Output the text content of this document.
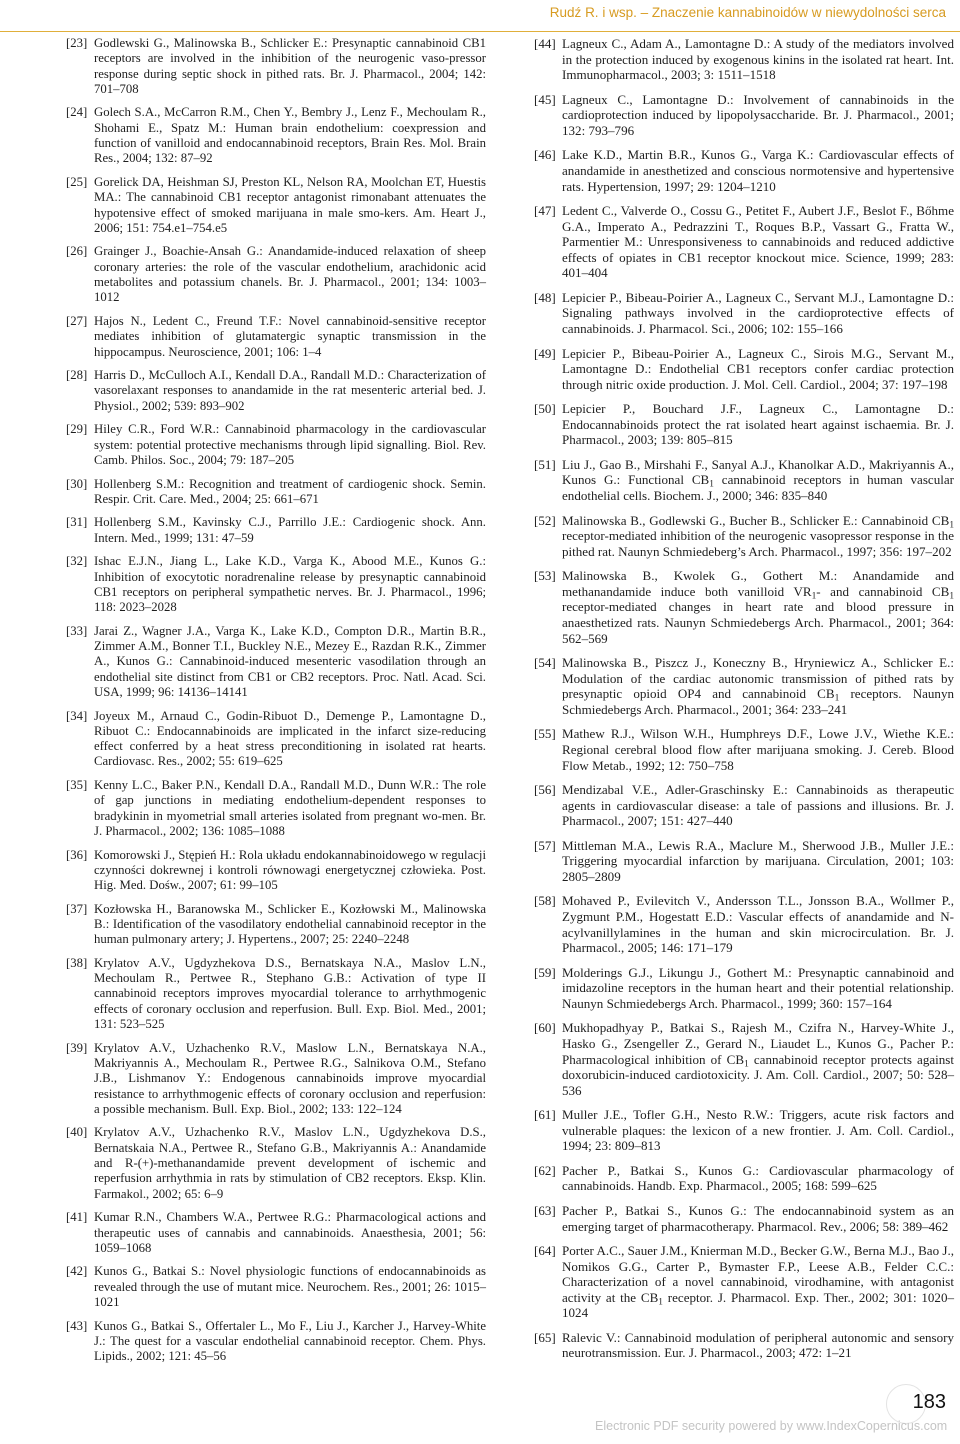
Rudź R. i wsp. – Znaczenie kannabinoidów w niewydolności serca

[23] Godlewski G., Malinowska B., Schlicker E.: Presynaptic cannabinoid CB1 receptors are involved in the inhibition of the neurogenic vaso-pressor response during septic shock in pithed rats. Br. J. Pharmacol., 2004; 142: 701–708

[24] Golech S.A., McCarron R.M., Chen Y., Bembry J., Lenz F., Mechoulam R., Shohami E., Spatz M.: Human brain endothelium: coexpression and function of vanilloid and endocannabinoid receptors, Brain Res. Mol. Brain Res., 2004; 132: 87–92

[25] Gorelick DA, Heishman SJ, Preston KL, Nelson RA, Moolchan ET, Huestis MA.: The cannabinoid CB1 receptor antagonist rimonabant attenuates the hypotensive effect of smoked marijuana in male smo-kers. Am. Heart J., 2006; 151: 754.e1–754.e5

[26] Grainger J., Boachie-Ansah G.: Anandamide-induced relaxation of sheep coronary arteries: the role of the vascular endothelium, arachidonic acid metabolites and potassium chanels. Br. J. Pharmacol., 2001; 134: 1003–1012

[27] Hajos N., Ledent C., Freund T.F.: Novel cannabinoid-sensitive receptor mediates inhibition of glutamatergic synaptic transmission in the hippocampus. Neuroscience, 2001; 106: 1–4

[28] Harris D., McCulloch A.I., Kendall D.A., Randall M.D.: Characterization of vasorelaxant responses to anandamide in the rat mesenteric arterial bed. J. Physiol., 2002; 539: 893–902

[29] Hiley C.R., Ford W.R.: Cannabinoid pharmacology in the cardiovascular system: potential protective mechanisms through lipid signalling. Biol. Rev. Camb. Philos. Soc., 2004; 79: 187–205

[30] Hollenberg S.M.: Recognition and treatment of cardiogenic shock. Semin. Respir. Crit. Care. Med., 2004; 25: 661–671

[31] Hollenberg S.M., Kavinsky C.J., Parrillo J.E.: Cardiogenic shock. Ann. Intern. Med., 1999; 131: 47–59

[32] Ishac E.J.N., Jiang L., Lake K.D., Varga K., Abood M.E., Kunos G.: Inhibition of exocytotic noradrenaline release by presynaptic cannabinoid CB1 receptors on peripheral sympathetic nerves. Br. J. Pharmacol., 1996; 118: 2023–2028

[33] Jarai Z., Wagner J.A., Varga K., Lake K.D., Compton D.R., Martin B.R., Zimmer A.M., Bonner T.I., Buckley N.E., Mezey E., Razdan R.K., Zimmer A., Kunos G.: Cannabinoid-induced mesenteric vasodilation through an endothelial site distinct from CB1 or CB2 receptors. Proc. Natl. Acad. Sci. USA, 1999; 96: 14136–14141

[34] Joyeux M., Arnaud C., Godin-Ribuot D., Demenge P., Lamontagne D., Ribuot C.: Endocannabinoids are implicated in the infarct size-reducing effect conferred by a heat stress preconditioning in isolated rat hearts. Cardiovasc. Res., 2002; 55: 619–625

[35] Kenny L.C., Baker P.N., Kendall D.A., Randall M.D., Dunn W.R.: The role of gap junctions in mediating endothelium-dependent responses to bradykinin in myometrial small arteries isolated from pregnant wo-men. Br. J. Pharmacol., 2002; 136: 1085–1088

[36] Komorowski J., Stępień H.: Rola układu endokannabinoidowego w regulacji czynności dokrewnej i kontroli równowagi energetycznej człowieka. Post. Hig. Med. Dośw., 2007; 61: 99–105

[37] Kozłowska H., Baranowska M., Schlicker E., Kozłowski M., Malinowska B.: Identification of the vasodilatory endothelial cannabinoid receptor in the human pulmonary artery; J. Hypertens., 2007; 25: 2240–2248

[38] Krylatov A.V., Ugdyzhekova D.S., Bernatskaya N.A., Maslov L.N., Mechoulam R., Pertwee R., Stephano G.B.: Activation of type II cannabinoid receptors improves myocardial tolerance to arrhythmogenic effects of coronary occlusion and reperfusion. Bull. Exp. Biol. Med., 2001; 131: 523–525

[39] Krylatov A.V., Uzhachenko R.V., Maslow L.N., Bernatskaya N.A., Makriyannis A., Mechoulam R., Pertwee R.G., Salnikova O.M., Stefano J.B., Lishmanov Y.: Endogenous cannabinoids improve myocardial resistance to arrhythmogenic effects of coronary occlusion and reperfusion: a possible mechanism. Bull. Exp. Biol., 2002; 133: 122–124

[40] Krylatov A.V., Uzhachenko R.V., Maslov L.N., Ugdyzhekova D.S., Bernatskaia N.A., Pertwee R., Stefano G.B., Makriyannis A.: Anandamide and R-(+)-methanandamide prevent development of ischemic and reperfusion arrhythmia in rats by stimulation of CB2 receptors. Eksp. Klin. Farmakol., 2002; 65: 6–9

[41] Kumar R.N., Chambers W.A., Pertwee R.G.: Pharmacological actions and therapeutic uses of cannabis and cannabinoids. Anaesthesia, 2001; 56: 1059–1068

[42] Kunos G., Batkai S.: Novel physiologic functions of endocannabinoids as revealed through the use of mutant mice. Neurochem. Res., 2001; 26: 1015–1021

[43] Kunos G., Batkai S., Offertaler L., Mo F., Liu J., Karcher J., Harvey-White J.: The quest for a vascular endothelial cannabinoid receptor. Chem. Phys. Lipids., 2002; 121: 45–56

[44] Lagneux C., Adam A., Lamontagne D.: A study of the mediators involved in the protection induced by exogenous kinins in the isolated rat heart. Int. Immunopharmacol., 2003; 3: 1511–1518

[45] Lagneux C., Lamontagne D.: Involvement of cannabinoids in the cardioprotection induced by lipopolysaccharide. Br. J. Pharmacol., 2001; 132: 793–796

[46] Lake K.D., Martin B.R., Kunos G., Varga K.: Cardiovascular effects of anandamide in anesthetized and conscious normotensive and hypertensive rats. Hypertension, 1997; 29: 1204–1210

[47] Ledent C., Valverde O., Cossu G., Petitet F., Aubert J.F., Beslot F., Bőhme G.A., Imperato A., Pedrazzini T., Roques B.P., Vassart G., Fratta W., Parmentier M.: Unresponsiveness to cannabinoids and reduced addictive effects of opiates in CB1 receptor knockout mice. Science, 1999; 283: 401–404

[48] Lepicier P., Bibeau-Poirier A., Lagneux C., Servant M.J., Lamontagne D.: Signaling pathways involved in the cardioprotective effects of cannabinoids. J. Pharmacol. Sci., 2006; 102: 155–166

[49] Lepicier P., Bibeau-Poirier A., Lagneux C., Sirois M.G., Servant M., Lamontagne D.: Endothelial CB1 receptors confer cardiac protection through nitric oxide production. J. Mol. Cell. Cardiol., 2004; 37: 197–198

[50] Lepicier P., Bouchard J.F., Lagneux C., Lamontagne D.: Endocannabinoids protect the rat isolated heart against ischaemia. Br. J. Pharmacol., 2003; 139: 805–815

[51] Liu J., Gao B., Mirshahi F., Sanyal A.J., Khanolkar A.D., Makriyannis A., Kunos G.: Functional $CB_1$ cannabinoid receptors in human vascular endothelial cells. Biochem. J., 2000; 346: 835–840

[52] Malinowska B., Godlewski G., Bucher B., Schlicker E.: Cannabinoid $CB_1$ receptor-mediated inhibition of the neurogenic vasopressor response in the pithed rat. Naunyn Schmiedeberg’s Arch. Pharmacol., 1997; 356: 197–202

[53] Malinowska B., Kwolek G., Gothert M.: Anandamide and methanandamide induce both vanilloid $VR_1-$ and cannabinoid $CB_1$ receptor-mediated changes in heart rate and blood pressure in anaesthetized rats. Naunyn Schmiedebergs Arch. Pharmacol., 2001; 364: 562–569

[54] Malinowska B., Piszcz J., Koneczny B., Hryniewicz A., Schlicker E.: Modulation of the cardiac autonomic transmission of pithed rats by presynaptic opioid OP4 and cannabinoid $CB_1$ receptors. Naunyn Schmiedebergs Arch. Pharmacol., 2001; 364: 233–241

[55] Mathew R.J., Wilson W.H., Humphreys D.F., Lowe J.V., Wiethe K.E.: Regional cerebral blood flow after marijuana smoking. J. Cereb. Blood Flow Metab., 1992; 12: 750–758

[56] Mendizabal V.E., Adler-Graschinsky E.: Cannabinoids as therapeutic agents in cardiovascular disease: a tale of passions and illusions. Br. J. Pharmacol., 2007; 151: 427–440

[57] Mittleman M.A., Lewis R.A., Maclure M., Sherwood J.B., Muller J.E.: Triggering myocardial infarction by marijuana. Circulation, 2001; 103: 2805–2809

[58] Mohaved P., Evilevitch V., Andersson T.L., Jonsson B.A., Wollmer P., Zygmunt P.M., Hogestatt E.D.: Vascular effects of anandamide and N-acylvanillylamines in the human and skin microcirculation. Br. J. Pharmacol., 2005; 146: 171–179

[59] Molderings G.J., Likungu J., Gothert M.: Presynaptic cannabinoid and imidazoline receptors in the human heart and their potential relationship. Naunyn Schmiedebergs Arch. Pharmacol., 1999; 360: 157–164

[60] Mukhopadhyay P., Batkai S., Rajesh M., Czifra N., Harvey-White J., Hasko G., Zsengeller Z., Gerard N., Liaudet L., Kunos G., Pacher P.: Pharmacological inhibition of $CB_1$ cannabinoid receptor protects against doxorubicin-induced cardiotoxicity. J. Am. Coll. Cardiol., 2007; 50: 528–536

[61] Muller J.E., Tofler G.H., Nesto R.W.: Triggers, acute risk factors and vulnerable plaques: the lexicon of a new frontier. J. Am. Coll. Cardiol., 1994; 23: 809–813

[62] Pacher P., Batkai S., Kunos G.: Cardiovascular pharmacology of cannabinoids. Handb. Exp. Pharmacol., 2005; 168: 599–625

[63] Pacher P., Batkai S., Kunos G.: The endocannabinoid system as an emerging target of pharmacotherapy. Pharmacol. Rev., 2006; 58: 389–462

[64] Porter A.C., Sauer J.M., Knierman M.D., Becker G.W., Berna M.J., Bao J., Nomikos G.G., Carter P., Bymaster F.P., Leese A.B., Felder C.C.: Characterization of a novel cannabinoid, virodhamine, with antagonist activity at the $CB_1$ receptor. J. Pharmacol. Exp. Ther., 2002; 301: 1020–1024

[65] Ralevic V.: Cannabinoid modulation of peripheral autonomic and sensory neurotransmission. Eur. J. Pharmacol., 2003; 472: 1–21

183
Electronic PDF security powered by www.IndexCopernicus.com
